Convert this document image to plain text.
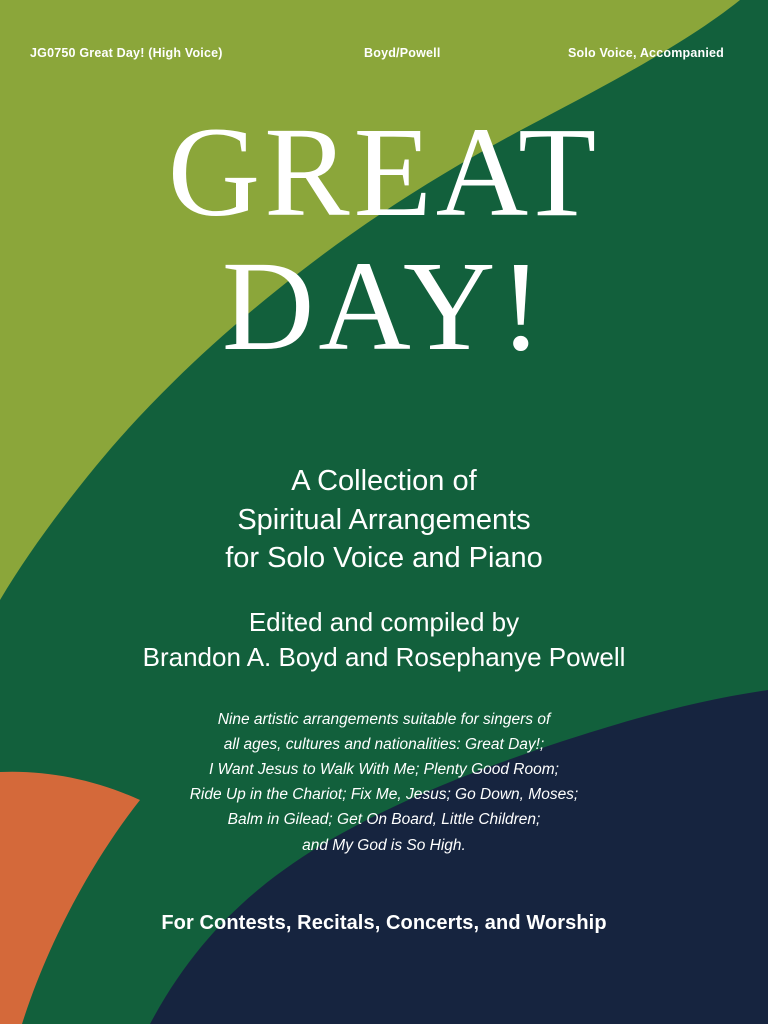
JG0750 Great Day! (High Voice)	Boyd/Powell	Solo Voice, Accompanied
GREAT
DAY!
A Collection of
Spiritual Arrangements
for Solo Voice and Piano
Edited and compiled by
Brandon A. Boyd and Rosephanye Powell
Nine artistic arrangements suitable for singers of
all ages, cultures and nationalities: Great Day!;
I Want Jesus to Walk With Me; Plenty Good Room;
Ride Up in the Chariot; Fix Me, Jesus; Go Down, Moses;
Balm in Gilead; Get On Board, Little Children;
and My God is So High.
For Contests, Recitals, Concerts, and Worship
